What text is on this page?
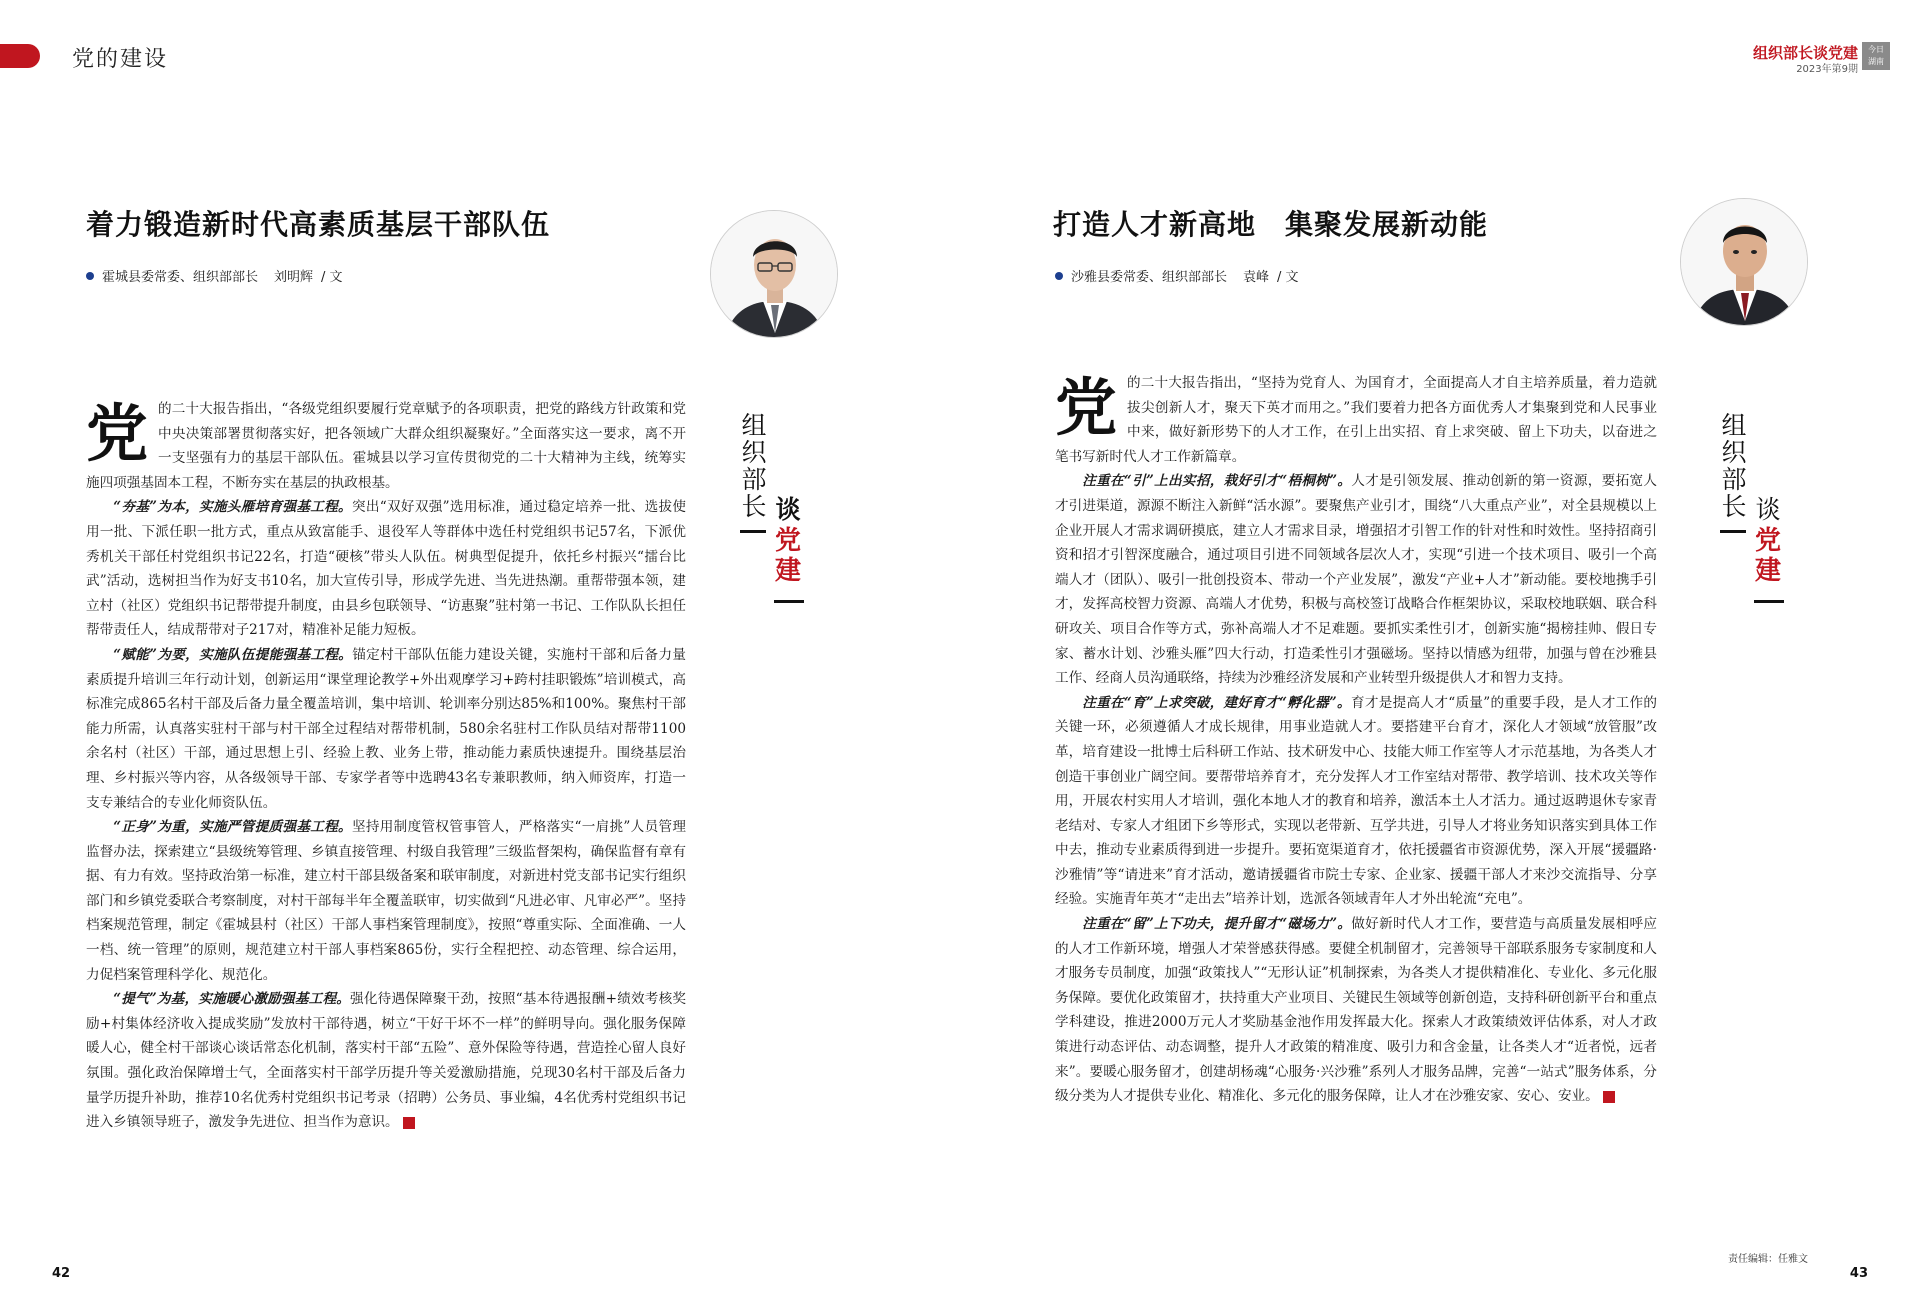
党的建设	组织部长谈党建
2023年第9期
今日
湖南
着力锻造新时代高素质基层干部队伍
霍城县委常委、组织部部长 刘明辉 / 文
组
织
部
长 谈
党
建

党的二十大报告指出，“各级党组织要履行党章赋予的各项职责，把党的路线方针政策和党中央决策部署贯彻落实好，把各领域广大群众组织凝聚好。”全面落实这一要求，离不开一支坚强有力的基层干部队伍。霍城县以学习宣传贯彻党的二十大精神为主线，统筹实施四项强基固本工程，不断夯实在基层的执政根基。

“夯基”为本，实施头雁培育强基工程。突出“双好双强”选用标准，通过稳定培养一批、选拔使用一批、下派任职一批方式，重点从致富能手、退役军人等群体中选任村党组织书记57名，下派优秀机关干部任村党组织书记22名，打造“硬核”带头人队伍。树典型促提升，依托乡村振兴“擂台比武”活动，选树担当作为好支书10名，加大宣传引导，形成学先进、当先进热潮。重帮带强本领，建立村（社区）党组织书记帮带提升制度，由县乡包联领导、“访惠聚”驻村第一书记、工作队队长担任帮带责任人，结成帮带对子217对，精准补足能力短板。

“赋能”为要，实施队伍提能强基工程。锚定村干部队伍能力建设关键，实施村干部和后备力量素质提升培训三年行动计划，创新运用“课堂理论教学+外出观摩学习+跨村挂职锻炼”培训模式，高标准完成865名村干部及后备力量全覆盖培训，集中培训、轮训率分别达85%和100%。聚焦村干部能力所需，认真落实驻村干部与村干部全过程结对帮带机制，580余名驻村工作队员结对帮带1100余名村（社区）干部，通过思想上引、经验上教、业务上带，推动能力素质快速提升。围绕基层治理、乡村振兴等内容，从各级领导干部、专家学者等中选聘43名专兼职教师，纳入师资库，打造一支专兼结合的专业化师资队伍。

“正身”为重，实施严管提质强基工程。坚持用制度管权管事管人，严格落实“一肩挑”人员管理监督办法，探索建立“县级统筹管理、乡镇直接管理、村级自我管理”三级监督架构，确保监督有章有据、有力有效。坚持政治第一标准，建立村干部县级备案和联审制度，对新进村党支部书记实行组织部门和乡镇党委联合考察制度，对村干部每半年全覆盖联审，切实做到“凡进必审、凡审必严”。坚持档案规范管理，制定《霍城县村（社区）干部人事档案管理制度》，按照“尊重实际、全面准确、一人一档、统一管理”的原则，规范建立村干部人事档案865份，实行全程把控、动态管理、综合运用，力促档案管理科学化、规范化。

“提气”为基，实施暖心激励强基工程。强化待遇保障聚干劲，按照“基本待遇报酬+绩效考核奖励+村集体经济收入提成奖励”发放村干部待遇，树立“干好干坏不一样”的鲜明导向。强化服务保障暖人心，健全村干部谈心谈话常态化机制，落实村干部“五险”、意外保险等待遇，营造拴心留人良好氛围。强化政治保障增士气，全面落实村干部学历提升等关爱激励措施，兑现30名村干部及后备力量学历提升补助，推荐10名优秀村党组织书记考录（招聘）公务员、事业编，4名优秀村党组织书记进入乡镇领导班子，激发争先进位、担当作为意识。

打造人才新高地　集聚发展新动能
沙雅县委常委、组织部部长 袁峰 / 文
组
织
部
长 谈
党
建

党的二十大报告指出，“坚持为党育人、为国育才，全面提高人才自主培养质量，着力造就拔尖创新人才，聚天下英才而用之。”我们要着力把各方面优秀人才集聚到党和人民事业中来，做好新形势下的人才工作，在引上出实招、育上求突破、留上下功夫，以奋进之笔书写新时代人才工作新篇章。

注重在“引”上出实招，栽好引才“梧桐树”。人才是引领发展、推动创新的第一资源，要拓宽人才引进渠道，源源不断注入新鲜“活水源”。要聚焦产业引才，围绕“八大重点产业”，对全县规模以上企业开展人才需求调研摸底，建立人才需求目录，增强招才引智工作的针对性和时效性。坚持招商引资和招才引智深度融合，通过项目引进不同领域各层次人才，实现“引进一个技术项目、吸引一个高端人才（团队）、吸引一批创投资本、带动一个产业发展”，激发“产业+人才”新动能。要校地携手引才，发挥高校智力资源、高端人才优势，积极与高校签订战略合作框架协议，采取校地联姻、联合科研攻关、项目合作等方式，弥补高端人才不足难题。要抓实柔性引才，创新实施“揭榜挂帅、假日专家、蓄水计划、沙雅头雁”四大行动，打造柔性引才强磁场。坚持以情感为纽带，加强与曾在沙雅县工作、经商人员沟通联络，持续为沙雅经济发展和产业转型升级提供人才和智力支持。

注重在“育”上求突破，建好育才“孵化器”。育才是提高人才“质量”的重要手段，是人才工作的关键一环，必须遵循人才成长规律，用事业造就人才。要搭建平台育才，深化人才领域“放管服”改革，培育建设一批博士后科研工作站、技术研发中心、技能大师工作室等人才示范基地，为各类人才创造干事创业广阔空间。要帮带培养育才，充分发挥人才工作室结对帮带、教学培训、技术攻关等作用，开展农村实用人才培训，强化本地人才的教育和培养，激活本土人才活力。通过返聘退休专家青老结对、专家人才组团下乡等形式，实现以老带新、互学共进，引导人才将业务知识落实到具体工作中去，推动专业素质得到进一步提升。要拓宽渠道育才，依托援疆省市资源优势，深入开展“援疆路·沙雅情”等“请进来”育才活动，邀请援疆省市院士专家、企业家、援疆干部人才来沙交流指导、分享经验。实施青年英才“走出去”培养计划，选派各领域青年人才外出轮流“充电”。

注重在“留”上下功夫，提升留才“磁场力”。做好新时代人才工作，要营造与高质量发展相呼应的人才工作新环境，增强人才荣誉感获得感。要健全机制留才，完善领导干部联系服务专家制度和人才服务专员制度，加强“政策找人”“无形认证”机制探索，为各类人才提供精准化、专业化、多元化服务保障。要优化政策留才，扶持重大产业项目、关键民生领域等创新创造，支持科研创新平台和重点学科建设，推进2000万元人才奖励基金池作用发挥最大化。探索人才政策绩效评估体系，对人才政策进行动态评估、动态调整，提升人才政策的精准度、吸引力和含金量，让各类人才“近者悦，远者来”。要暖心服务留才，创建胡杨魂“心服务·兴沙雅”系列人才服务品牌，完善“一站式”服务体系，分级分类为人才提供专业化、精准化、多元化的服务保障，让人才在沙雅安家、安心、安业。

42
责任编辑：任雅文
43
